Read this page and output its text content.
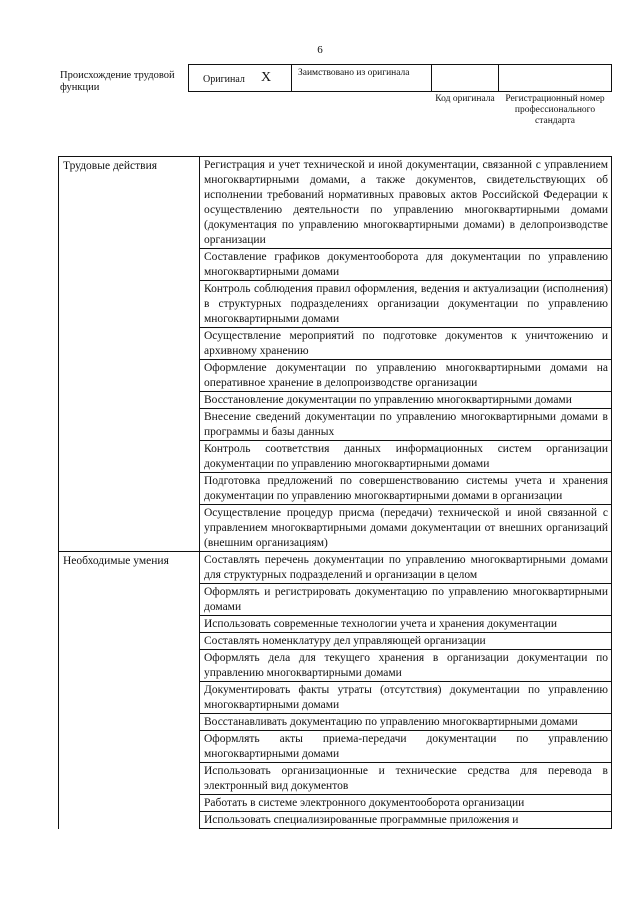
6
Происхождение трудовой функции
Оригинал X	Заимствовано из оригинала
Код оригинала	Регистрационный номер профессионального стандарта
Трудовые действия	Регистрация и учет технической и иной документации, связанной с управлением многоквартирными домами, а также документов, свидетельствующих об исполнении требований нормативных правовых актов Российской Федерации к осуществлению деятельности по управлению многоквартирными домами (документация по управлению многоквартирными домами) в делопроизводстве организации
	Составление графиков документооборота для документации по управлению многоквартирными домами
	Контроль соблюдения правил оформления, ведения и актуализации (исполнения) в структурных подразделениях организации документации по управлению многоквартирными домами
	Осуществление мероприятий по подготовке документов к уничтожению и архивному хранению
	Оформление документации по управлению многоквартирными домами на оперативное хранение в делопроизводстве организации
	Восстановление документации по управлению многоквартирными домами
	Внесение сведений документации по управлению многоквартирными домами в программы и базы данных
	Контроль соответствия данных информационных систем организации документации по управлению многоквартирными домами
	Подготовка предложений по совершенствованию системы учета и хранения документации по управлению многоквартирными домами в организации
	Осуществление процедур присма (передачи) технической и иной связанной с управлением многоквартирными домами документации от внешних организаций (внешним организациям)
Необходимые умения	Составлять перечень документации по управлению многоквартирными домами для структурных подразделений и организации в целом
	Оформлять и регистрировать документацию по управлению многоквартирными домами
	Использовать современные технологии учета и хранения документации
	Составлять номенклатуру дел управляющей организации
	Оформлять дела для текущего хранения в организации документации по управлению многоквартирными домами
	Документировать факты утраты (отсутствия) документации по управлению многоквартирными домами
	Восстанавливать документацию по управлению многоквартирными домами
	Оформлять акты приема-передачи документации по управлению многоквартирными домами
	Использовать организационные и технические средства для перевода в электронный вид документов
	Работать в системе электронного документооборота организации
	Использовать специализированные программные приложения и
